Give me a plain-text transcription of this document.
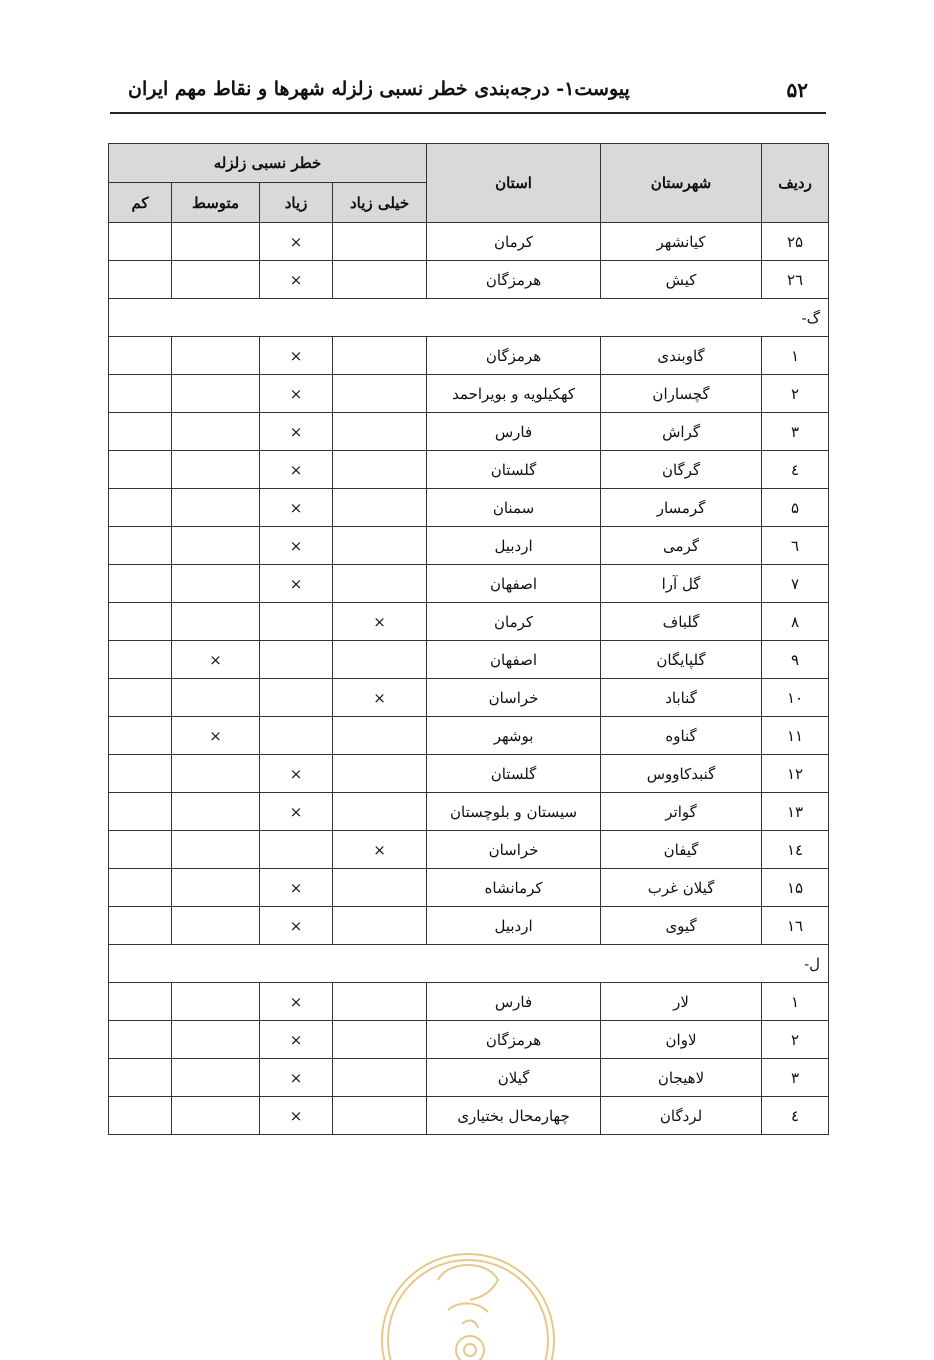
۵۲
پیوست۱- درجه‌بندی خطر نسبی زلزله شهرها و نقاط مهم ایران
ردیف	شهرستان	استان	خطر نسبی زلزله			
			خیلی زیاد	زیاد	متوسط	کم
۲۵	کیانشهر	کرمان		×		
۲٦	کیش	هرمزگان		×		
گ-						
۱	گاوبندی	هرمزگان		×		
۲	گچساران	کهکیلویه و بویراحمد		×		
۳	گراش	فارس		×		
٤	گرگان	گلستان		×		
۵	گرمسار	سمنان		×		
٦	گرمی	اردبیل		×		
۷	گل آرا	اصفهان		×		
۸	گلباف	کرمان	×			
۹	گلپایگان	اصفهان			×	
۱۰	گناباد	خراسان	×			
۱۱	گناوه	بوشهر			×	
۱۲	گنبدکاووس	گلستان		×		
۱۳	گواتر	سیستان و بلوچستان		×		
۱٤	گیفان	خراسان	×			
۱۵	گیلان غرب	کرمانشاه		×		
۱٦	گیوی	اردبیل		×		
ل-						
۱	لار	فارس		×		
۲	لاوان	هرمزگان		×		
۳	لاهیجان	گیلان		×		
٤	لردگان	چهارمحال بختیاری		×		
